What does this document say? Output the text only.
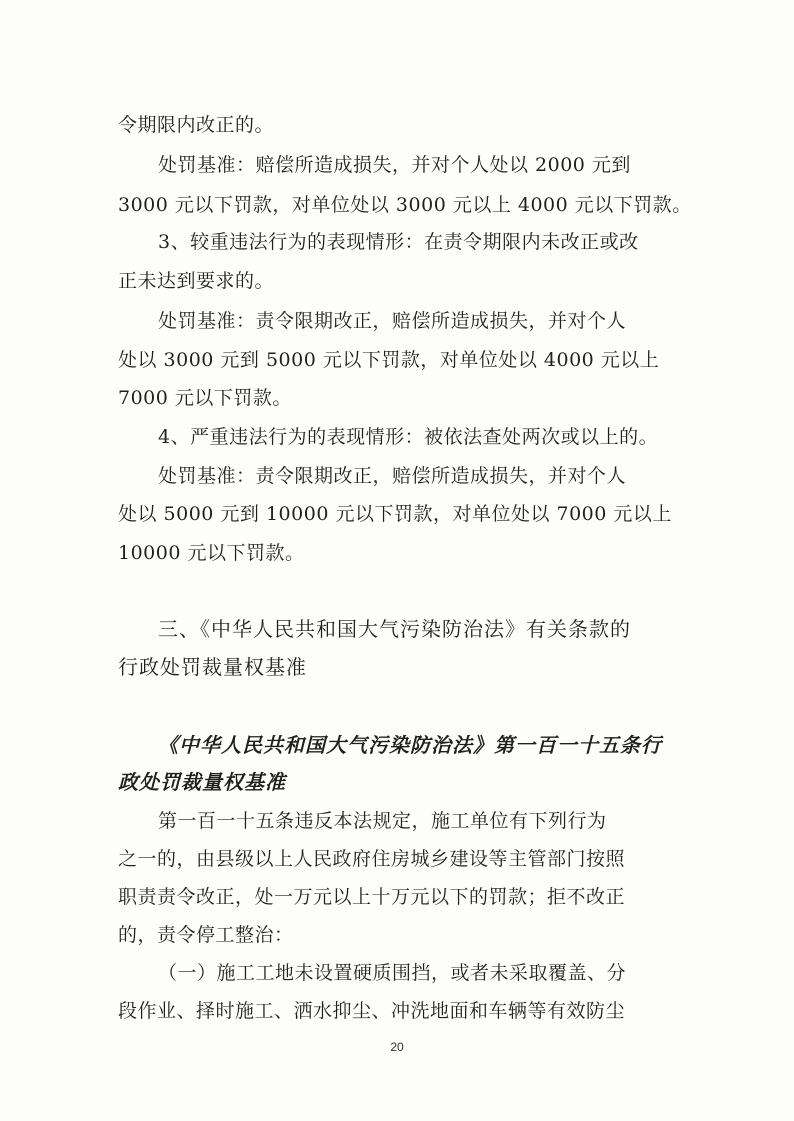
令期限内改正的。
处罚基准：赔偿所造成损失，并对个人处以 2000 元到
3000 元以下罚款，对单位处以 3000 元以上 4000 元以下罚款。
3、较重违法行为的表现情形：在责令期限内未改正或改
正未达到要求的。
处罚基准：责令限期改正，赔偿所造成损失，并对个人
处以 3000 元到 5000 元以下罚款，对单位处以 4000 元以上
7000 元以下罚款。
4、严重违法行为的表现情形：被依法查处两次或以上的。
处罚基准：责令限期改正，赔偿所造成损失，并对个人
处以 5000 元到 10000 元以下罚款，对单位处以 7000 元以上
10000 元以下罚款。
三、《中华人民共和国大气污染防治法》有关条款的
行政处罚裁量权基准
《中华人民共和国大气污染防治法》第一百一十五条行
政处罚裁量权基准
第一百一十五条违反本法规定，施工单位有下列行为
之一的，由县级以上人民政府住房城乡建设等主管部门按照
职责责令改正，处一万元以上十万元以下的罚款；拒不改正
的，责令停工整治：
（一）施工工地未设置硬质围挡，或者未采取覆盖、分
段作业、择时施工、洒水抑尘、冲洗地面和车辆等有效防尘
20
